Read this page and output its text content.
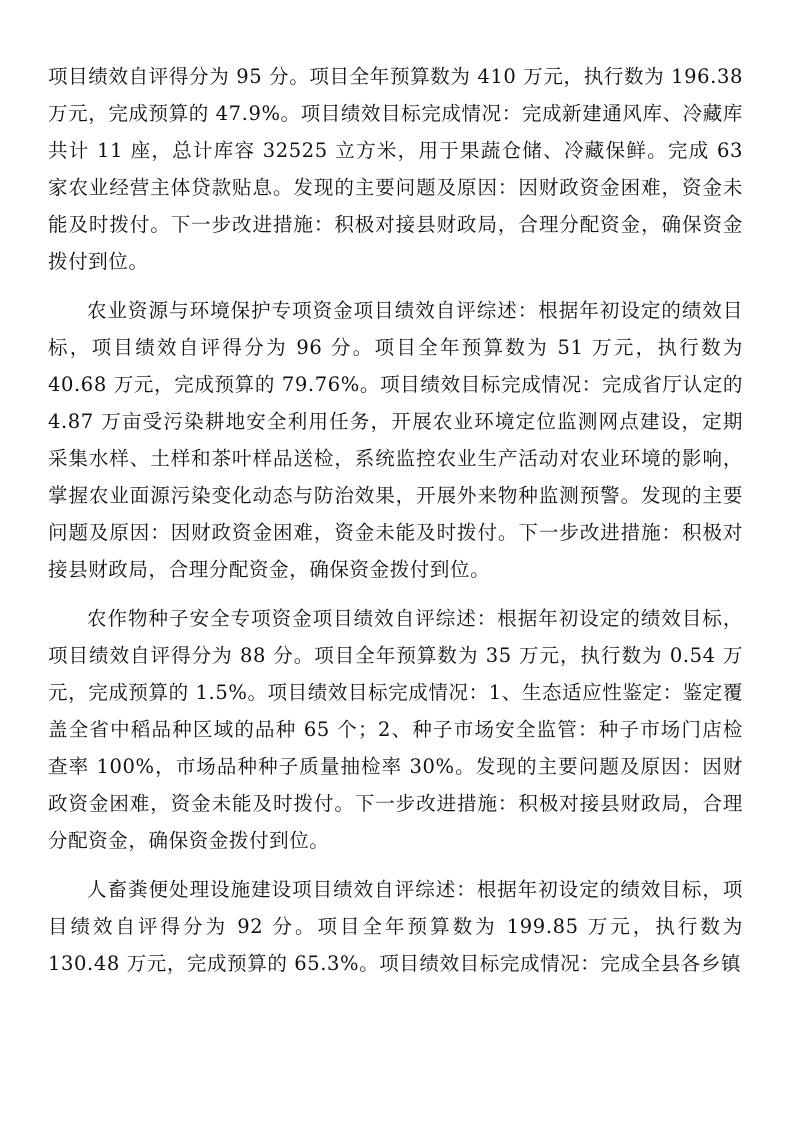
项目绩效自评得分为 95 分。项目全年预算数为 410 万元，执行数为 196.38 万元，完成预算的 47.9%。项目绩效目标完成情况：完成新建通风库、冷藏库共计 11 座，总计库容 32525 立方米，用于果蔬仓储、冷藏保鲜。完成 63 家农业经营主体贷款贴息。发现的主要问题及原因：因财政资金困难，资金未能及时拨付。下一步改进措施：积极对接县财政局，合理分配资金，确保资金拨付到位。

农业资源与环境保护专项资金项目绩效自评综述：根据年初设定的绩效目标，项目绩效自评得分为 96 分。项目全年预算数为 51 万元，执行数为 40.68 万元，完成预算的 79.76%。项目绩效目标完成情况：完成省厅认定的 4.87 万亩受污染耕地安全利用任务，开展农业环境定位监测网点建设，定期采集水样、土样和茶叶样品送检，系统监控农业生产活动对农业环境的影响，掌握农业面源污染变化动态与防治效果，开展外来物种监测预警。发现的主要问题及原因：因财政资金困难，资金未能及时拨付。下一步改进措施：积极对接县财政局，合理分配资金，确保资金拨付到位。

农作物种子安全专项资金项目绩效自评综述：根据年初设定的绩效目标，项目绩效自评得分为 88 分。项目全年预算数为 35 万元，执行数为 0.54 万元，完成预算的 1.5%。项目绩效目标完成情况：1、生态适应性鉴定：鉴定覆盖全省中稻品种区域的品种 65 个；2、种子市场安全监管：种子市场门店检查率 100%，市场品种种子质量抽检率 30%。发现的主要问题及原因：因财政资金困难，资金未能及时拨付。下一步改进措施：积极对接县财政局，合理分配资金，确保资金拨付到位。

人畜粪便处理设施建设项目绩效自评综述：根据年初设定的绩效目标，项目绩效自评得分为 92 分。项目全年预算数为 199.85 万元，执行数为 130.48 万元，完成预算的 65.3%。项目绩效目标完成情况：完成全县各乡镇
